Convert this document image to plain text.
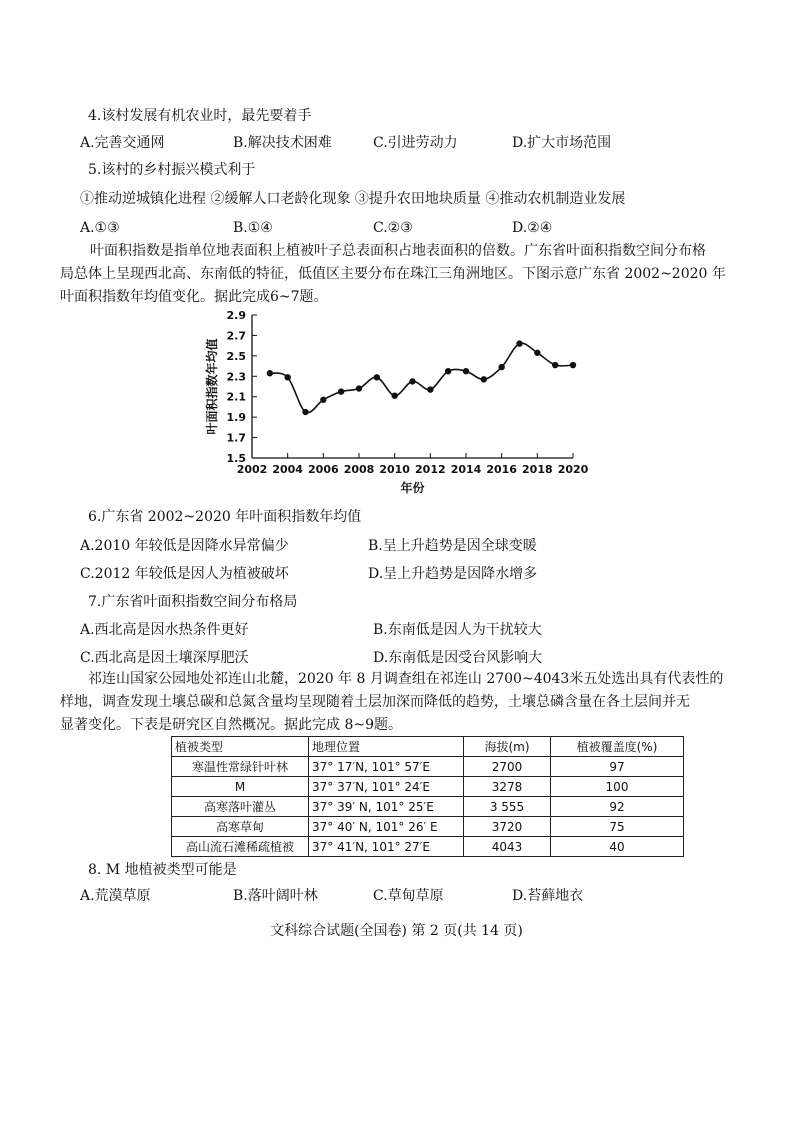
4.该村发展有机农业时，最先要着手
A.完善交通网	B.解决技术困难	C.引进劳动力	D.扩大市场范围
5.该村的乡村振兴模式利于
①推动逆城镇化进程 ②缓解人口老龄化现象 ③提升农田地块质量 ④推动农机制造业发展
A.①③	B.①④	C.②③	D.②④
叶面积指数是指单位地表面积上植被叶子总表面积占地表面积的倍数。广东省叶面积指数空间分布格
局总体上呈现西北高、东南低的特征，低值区主要分布在珠江三角洲地区。下图示意广东省 2002~2020 年
叶面积指数年均值变化。据此完成6~7题。
1.5
1.7
1.9
2.1
2.3
2.5
2.7
2.9
2002 2004 2006 2008 2010 2012 2014 2016 2018 2020
年份
叶面积指数年均值
6.广东省 2002~2020 年叶面积指数年均值
A.2010 年较低是因降水异常偏少	B.呈上升趋势是因全球变暖
C.2012 年较低是因人为植被破坏	D.呈上升趋势是因降水增多
7.广东省叶面积指数空间分布格局
A.西北高是因水热条件更好	B.东南低是因人为干扰较大
C.西北高是因土壤深厚肥沃	D.东南低是因受台风影响大
祁连山国家公园地处祁连山北麓，2020 年 8 月调查组在祁连山 2700~4043米五处选出具有代表性的
样地，调查发现土壤总碳和总氮含量均呈现随着土层加深而降低的趋势，土壤总磷含量在各土层间并无
显著变化。下表是研究区自然概况。据此完成 8~9题。
植被类型	地理位置	海拔(m)	植被覆盖度(%)
寒温性常绿针叶林	37° 17′N, 101° 57′E	2700	97
M	37° 37′N, 101° 24′E	3278	100
高寒落叶灌丛	37° 39′ N, 101° 25′E	3 555	92
高寒草甸	37° 40′ N, 101° 26′ E	3720	75
高山流石滩稀疏植被	37° 41′N, 101° 27′E	4043	40
8. M 地植被类型可能是
A.荒漠草原	B.落叶阔叶林	C.草甸草原	D.苔藓地衣
文科综合试题(全国卷) 第 2 页(共 14 页)
